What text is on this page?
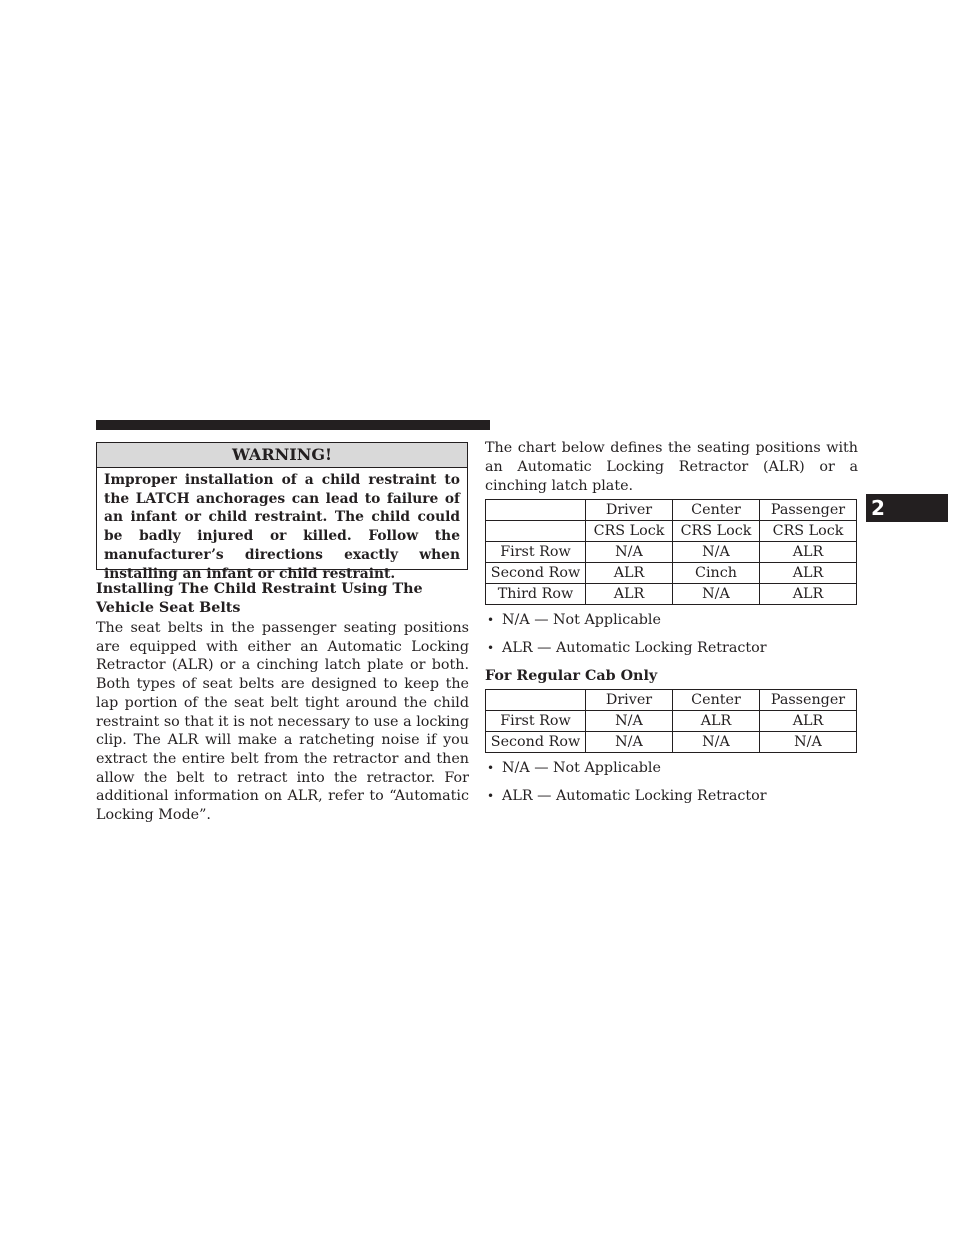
WARNING!
Improper installation of a child restraint to the LATCH anchorages can lead to failure of an infant or child restraint. The child could be badly injured or killed. Follow the manufacturer’s directions exactly when installing an infant or child restraint.
Installing The Child Restraint Using The Vehicle Seat Belts
The seat belts in the passenger seating positions are equipped with either an Automatic Locking Retractor (ALR) or a cinching latch plate or both. Both types of seat belts are designed to keep the lap portion of the seat belt tight around the child restraint so that it is not necessary to use a locking clip. The ALR will make a ratcheting noise if you extract the entire belt from the retractor and then allow the belt to retract into the retractor. For additional information on ALR, refer to “Automatic Locking Mode”.
The chart below defines the seating positions with an Automatic Locking Retractor (ALR) or a cinching latch plate.
	Driver	Center	Passenger
	CRS Lock	CRS Lock	CRS Lock
First Row	N/A	N/A	ALR
Second Row	ALR	Cinch	ALR
Third Row	ALR	N/A	ALR
• N/A — Not Applicable
• ALR — Automatic Locking Retractor
For Regular Cab Only
	Driver	Center	Passenger
First Row	N/A	ALR	ALR
Second Row	N/A	N/A	N/A
• N/A — Not Applicable
• ALR — Automatic Locking Retractor
2
